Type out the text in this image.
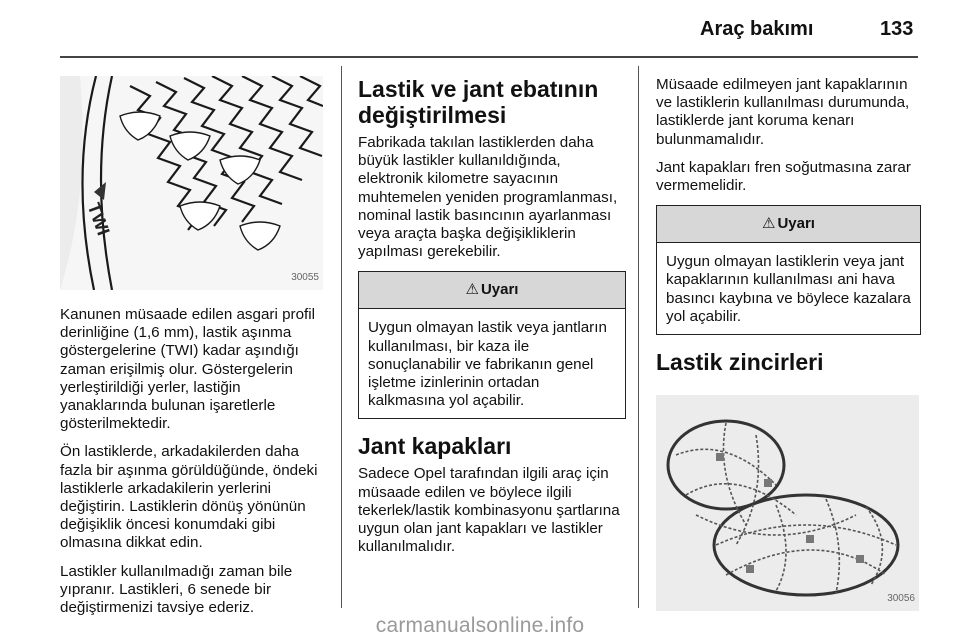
Araç bakımı	133
TWI
30055

Kanunen müsaade edilen asgari profil derinliğine (1,6 mm), lastik aşınma göstergelerine (TWI) kadar aşındığı zaman erişilmiş olur. Göstergelerin yerleştirildiği yerler, lastiğin yanaklarında bulunan işaretlerle gösterilmektedir.

Ön lastiklerde, arkadakilerden daha fazla bir aşınma görüldüğünde, öndeki lastiklerle arkadakilerin yerlerini değiştirin. Lastiklerin dönüş yönünün değişiklik öncesi konumdaki gibi olmasına dikkat edin.

Lastikler kullanılmadığı zaman bile yıpranır. Lastikleri, 6 senede bir değiştirmenizi tavsiye ederiz.

Lastik ve jant ebatının değiştirilmesi

Fabrikada takılan lastiklerden daha büyük lastikler kullanıldığında, elektronik kilometre sayacının muhtemelen yeniden programlanması, nominal lastik basıncının ayarlanması veya araçta başka değişikliklerin yapılması gerekebilir.

⚠ Uyarı
Uygun olmayan lastik veya jantların kullanılması, bir kaza ile sonuçlanabilir ve fabrikanın genel işletme izinlerinin ortadan kalkmasına yol açabilir.
Jant kapakları

Sadece Opel tarafından ilgili araç için müsaade edilen ve böylece ilgili tekerlek/lastik kombinasyonu şartlarına uygun olan jant kapakları ve lastikler kullanılmalıdır.

Müsaade edilmeyen jant kapaklarının ve lastiklerin kullanılması durumunda, lastiklerde jant koruma kenarı bulunmamalıdır.

Jant kapakları fren soğutmasına zarar vermemelidir.

⚠ Uyarı
Uygun olmayan lastiklerin veya jant kapaklarının kullanılması ani hava basıncı kaybına ve böylece kazalara yol açabilir.
Lastik zincirleri
30056
carmanualsonline.info
